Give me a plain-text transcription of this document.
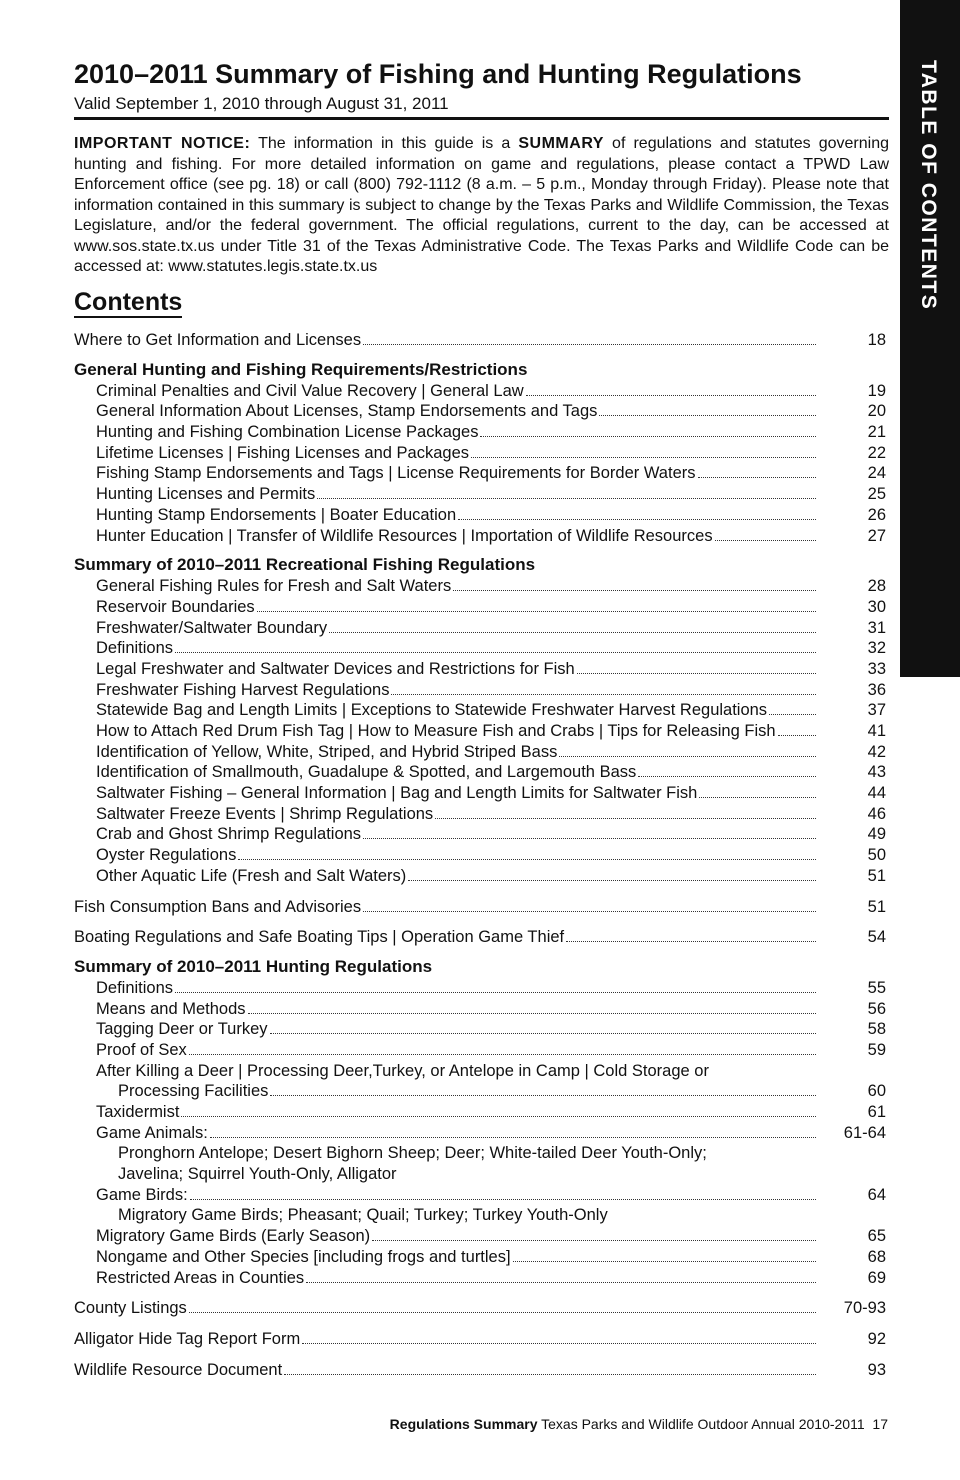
TABLE OF CONTENTS
2010–2011 Summary of Fishing and Hunting Regulations
Valid September 1, 2010 through August 31, 2011
IMPORTANT NOTICE: The information in this guide is a SUMMARY of regulations and statutes governing hunting and fishing. For more detailed information on game and regulations, please contact a TPWD Law Enforcement office (see pg. 18) or call (800) 792-1112 (8 a.m. – 5 p.m., Monday through Friday). Please note that information contained in this summary is subject to change by the Texas Parks and Wildlife Commission, the Texas Legislature, and/or the federal government. The official regulations, current to the day, can be accessed at www.sos.state.tx.us under Title 31 of the Texas Administrative Code. The Texas Parks and Wildlife Code can be accessed at: www.statutes.legis.state.tx.us
Contents
Where to Get Information and Licenses	18
General Hunting and Fishing Requirements/Restrictions
Criminal Penalties and Civil Value Recovery | General Law	19
General Information About Licenses, Stamp Endorsements and Tags	20
Hunting and Fishing Combination License Packages	21
Lifetime Licenses | Fishing Licenses and Packages	22
Fishing Stamp Endorsements and Tags | License Requirements for Border Waters	24
Hunting Licenses and Permits	25
Hunting Stamp Endorsements | Boater Education	26
Hunter Education | Transfer of Wildlife Resources | Importation of Wildlife Resources	27
Summary of 2010–2011 Recreational Fishing Regulations
General Fishing Rules for Fresh and Salt Waters	28
Reservoir Boundaries	30
Freshwater/Saltwater Boundary	31
Definitions	32
Legal Freshwater and Saltwater Devices and Restrictions for Fish	33
Freshwater Fishing Harvest Regulations	36
Statewide Bag and Length Limits | Exceptions to Statewide Freshwater Harvest Regulations	37
How to Attach Red Drum Fish Tag | How to Measure Fish and Crabs | Tips for Releasing Fish	41
Identification of Yellow, White, Striped, and Hybrid Striped Bass	42
Identification of Smallmouth, Guadalupe & Spotted, and Largemouth Bass	43
Saltwater Fishing – General Information | Bag and Length Limits for Saltwater Fish	44
Saltwater Freeze Events | Shrimp Regulations	46
Crab and Ghost Shrimp Regulations	49
Oyster Regulations	50
Other Aquatic Life (Fresh and Salt Waters)	51
Fish Consumption Bans and Advisories	51
Boating Regulations and Safe Boating Tips | Operation Game Thief	54
Summary of 2010–2011 Hunting Regulations
Definitions	55
Means and Methods	56
Tagging Deer or Turkey	58
Proof of Sex	59
After Killing a Deer | Processing Deer,Turkey, or Antelope in Camp | Cold Storage or
Processing Facilities	60
Taxidermist	61
Game Animals:	61-64
Pronghorn Antelope; Desert Bighorn Sheep; Deer; White-tailed Deer Youth-Only;
Javelina; Squirrel Youth-Only, Alligator
Game Birds:	64
Migratory Game Birds; Pheasant; Quail; Turkey; Turkey Youth-Only
Migratory Game Birds (Early Season)	65
Nongame and Other Species [including frogs and turtles]	68
Restricted Areas in Counties	69
County Listings	70-93
Alligator Hide Tag Report Form	92
Wildlife Resource Document	93
Regulations Summary Texas Parks and Wildlife Outdoor Annual 2010-2011 17
